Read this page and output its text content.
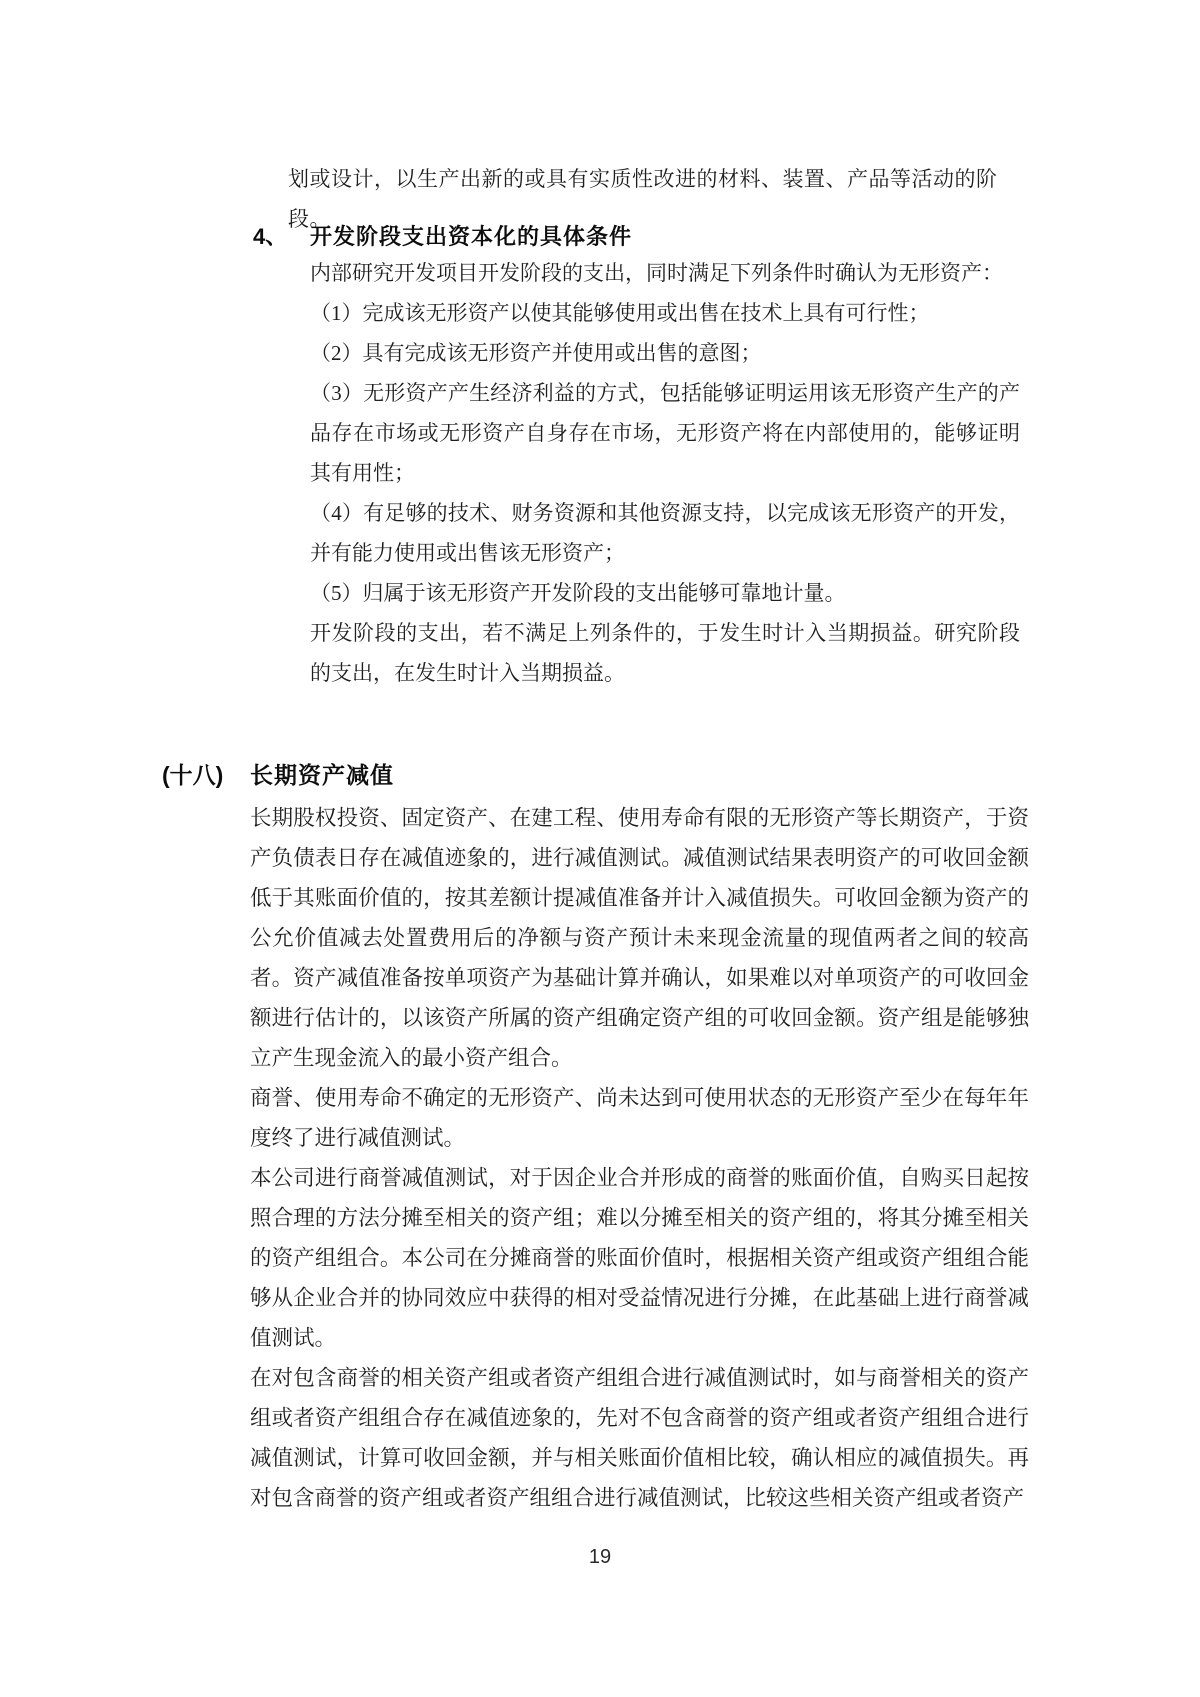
划或设计，以生产出新的或具有实质性改进的材料、装置、产品等活动的阶段。

4、 开发阶段支出资本化的具体条件

内部研究开发项目开发阶段的支出，同时满足下列条件时确认为无形资产：

（1）完成该无形资产以使其能够使用或出售在技术上具有可行性；

（2）具有完成该无形资产并使用或出售的意图；

（3）无形资产产生经济利益的方式，包括能够证明运用该无形资产生产的产品存在市场或无形资产自身存在市场，无形资产将在内部使用的，能够证明其有用性；

（4）有足够的技术、财务资源和其他资源支持，以完成该无形资产的开发，并有能力使用或出售该无形资产；

（5）归属于该无形资产开发阶段的支出能够可靠地计量。

开发阶段的支出，若不满足上列条件的，于发生时计入当期损益。研究阶段的支出，在发生时计入当期损益。

(十八) 长期资产减值

长期股权投资、固定资产、在建工程、使用寿命有限的无形资产等长期资产，于资产负债表日存在减值迹象的，进行减值测试。减值测试结果表明资产的可收回金额低于其账面价值的，按其差额计提减值准备并计入减值损失。可收回金额为资产的公允价值减去处置费用后的净额与资产预计未来现金流量的现值两者之间的较高者。资产减值准备按单项资产为基础计算并确认，如果难以对单项资产的可收回金额进行估计的，以该资产所属的资产组确定资产组的可收回金额。资产组是能够独立产生现金流入的最小资产组合。

商誉、使用寿命不确定的无形资产、尚未达到可使用状态的无形资产至少在每年年度终了进行减值测试。

本公司进行商誉减值测试，对于因企业合并形成的商誉的账面价值，自购买日起按照合理的方法分摊至相关的资产组；难以分摊至相关的资产组的，将其分摊至相关的资产组组合。本公司在分摊商誉的账面价值时，根据相关资产组或资产组组合能够从企业合并的协同效应中获得的相对受益情况进行分摊，在此基础上进行商誉减值测试。

在对包含商誉的相关资产组或者资产组组合进行减值测试时，如与商誉相关的资产组或者资产组组合存在减值迹象的，先对不包含商誉的资产组或者资产组组合进行减值测试，计算可收回金额，并与相关账面价值相比较，确认相应的减值损失。再对包含商誉的资产组或者资产组组合进行减值测试，比较这些相关资产组或者资产

19
